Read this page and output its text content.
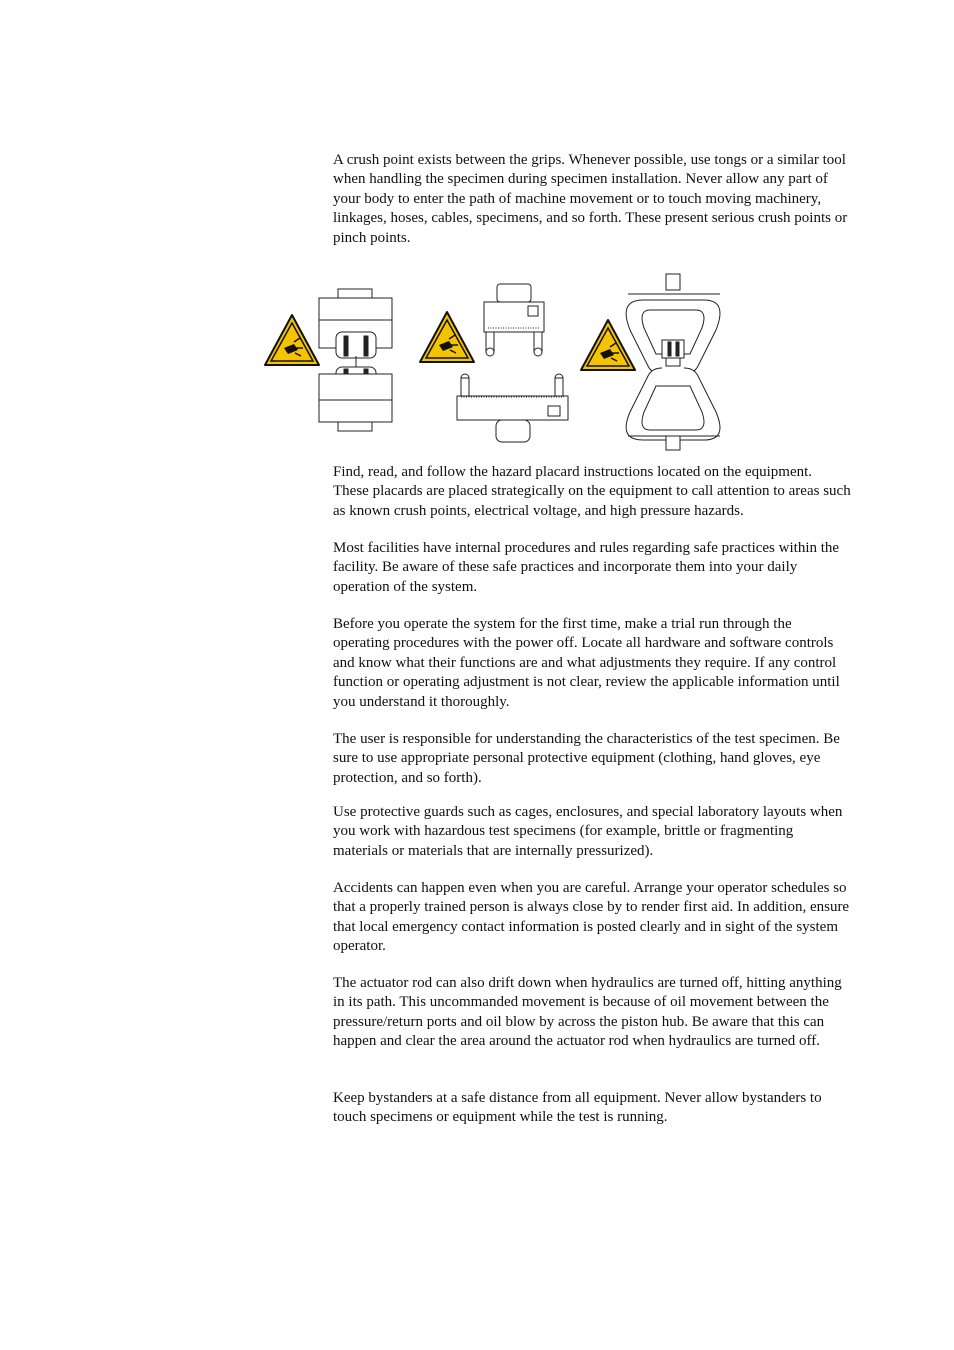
A crush point exists between the grips. Whenever possible, use tongs or a similar tool when handling the specimen during specimen installation. Never allow any part of your body to enter the path of machine movement or to touch moving machinery, linkages, hoses, cables, specimens, and so forth. These present serious crush points or pinch points.

Find, read, and follow the hazard placard instructions located on the equipment. These placards are placed strategically on the equipment to call attention to areas such as known crush points, electrical voltage, and high pressure hazards.

Most facilities have internal procedures and rules regarding safe practices within the facility. Be aware of these safe practices and incorporate them into your daily operation of the system.

Before you operate the system for the first time, make a trial run through the operating procedures with the power off. Locate all hardware and software controls and know what their functions are and what adjustments they require. If any control function or operating adjustment is not clear, review the applicable information until you understand it thoroughly.

The user is responsible for understanding the characteristics of the test specimen. Be sure to use appropriate personal protective equipment (clothing, hand gloves, eye protection, and so forth).

Use protective guards such as cages, enclosures, and special laboratory layouts when you work with hazardous test specimens (for example, brittle or fragmenting materials or materials that are internally pressurized).

Accidents can happen even when you are careful. Arrange your operator schedules so that a properly trained person is always close by to render first aid. In addition, ensure that local emergency contact information is posted clearly and in sight of the system operator.

The actuator rod can also drift down when hydraulics are turned off, hitting anything in its path. This uncommanded movement is because of oil movement between the pressure/return ports and oil blow by across the piston hub. Be aware that this can happen and clear the area around the actuator rod when hydraulics are turned off.

Keep bystanders at a safe distance from all equipment. Never allow bystanders to touch specimens or equipment while the test is running.
